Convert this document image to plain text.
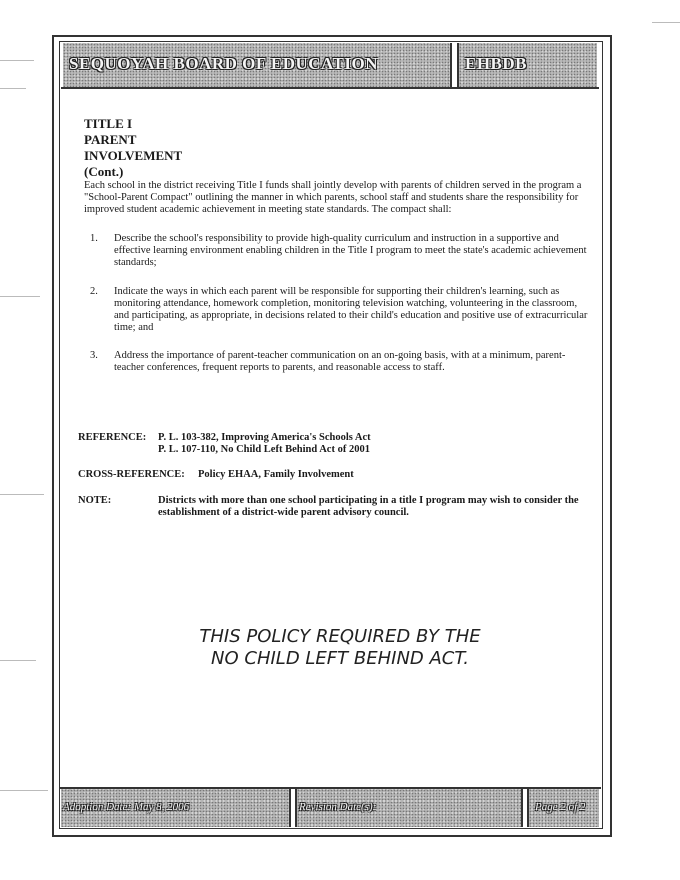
SEQUOYAH BOARD OF EDUCATION	EHBDB
TITLE I PARENT INVOLVEMENT (Cont.)
Each school in the district receiving Title I funds shall jointly develop with parents of children served in the program a "School-Parent Compact" outlining the manner in which parents, school staff and students share the responsibility for improved student academic achievement in meeting state standards. The compact shall:
1. Describe the school's responsibility to provide high-quality curriculum and instruction in a supportive and effective learning environment enabling children in the Title I program to meet the state's academic achievement standards;
2. Indicate the ways in which each parent will be responsible for supporting their children's learning, such as monitoring attendance, homework completion, monitoring television watching, volunteering in the classroom, and participating, as appropriate, in decisions related to their child's education and positive use of extracurricular time; and
3. Address the importance of parent-teacher communication on an on-going basis, with at a minimum, parent-teacher conferences, frequent reports to parents, and reasonable access to staff.
REFERENCE: P. L. 103-382, Improving America's Schools Act
P. L. 107-110, No Child Left Behind Act of 2001
CROSS-REFERENCE: Policy EHAA, Family Involvement
NOTE:	Districts with more than one school participating in a title I program may wish to consider the establishment of a district-wide parent advisory council.
THIS POLICY REQUIRED BY THE
NO CHILD LEFT BEHIND ACT.
Adoption Date: May 8, 2006	Revision Date(s):	Page 2 of 2
